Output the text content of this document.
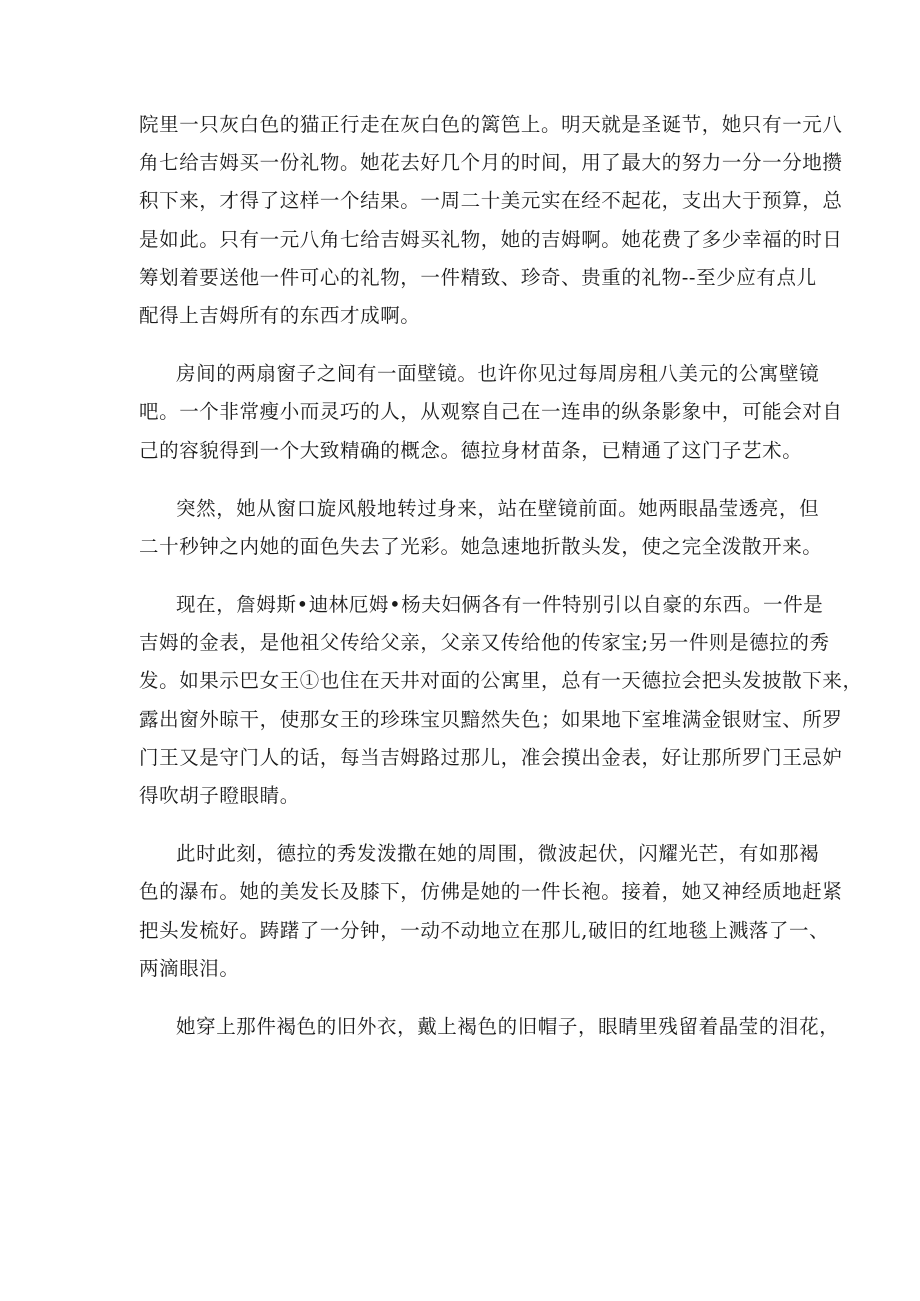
院里一只灰白色的猫正行走在灰白色的篱笆上。明天就是圣诞节，她只有一元八

角七给吉姆买一份礼物。她花去好几个月的时间，用了最大的努力一分一分地攒

积下来，才得了这样一个结果。一周二十美元实在经不起花，支出大于预算，总

是如此。只有一元八角七给吉姆买礼物，她的吉姆啊。她花费了多少幸福的时日

筹划着要送他一件可心的礼物，一件精致、珍奇、贵重的礼物--至少应有点儿

配得上吉姆所有的东西才成啊。

房间的两扇窗子之间有一面壁镜。也许你见过每周房租八美元的公寓壁镜

吧。一个非常瘦小而灵巧的人，从观察自己在一连串的纵条影象中，可能会对自

己的容貌得到一个大致精确的概念。德拉身材苗条，已精通了这门子艺术。

突然，她从窗口旋风般地转过身来，站在壁镜前面。她两眼晶莹透亮，但

二十秒钟之内她的面色失去了光彩。她急速地折散头发，使之完全泼散开来。

现在，詹姆斯•迪林厄姆•杨夫妇俩各有一件特别引以自豪的东西。一件是

吉姆的金表，是他祖父传给父亲，父亲又传给他的传家宝;另一件则是德拉的秀

发。如果示巴女王①也住在天井对面的公寓里，总有一天德拉会把头发披散下来，

露出窗外晾干，使那女王的珍珠宝贝黯然失色；如果地下室堆满金银财宝、所罗

门王又是守门人的话，每当吉姆路过那儿，准会摸出金表，好让那所罗门王忌妒

得吹胡子瞪眼睛。

此时此刻，德拉的秀发泼撒在她的周围，微波起伏，闪耀光芒，有如那褐

色的瀑布。她的美发长及膝下，仿佛是她的一件长袍。接着，她又神经质地赶紧

把头发梳好。踌躇了一分钟，一动不动地立在那儿,破旧的红地毯上溅落了一、

两滴眼泪。

她穿上那件褐色的旧外衣，戴上褐色的旧帽子，眼睛里残留着晶莹的泪花，
